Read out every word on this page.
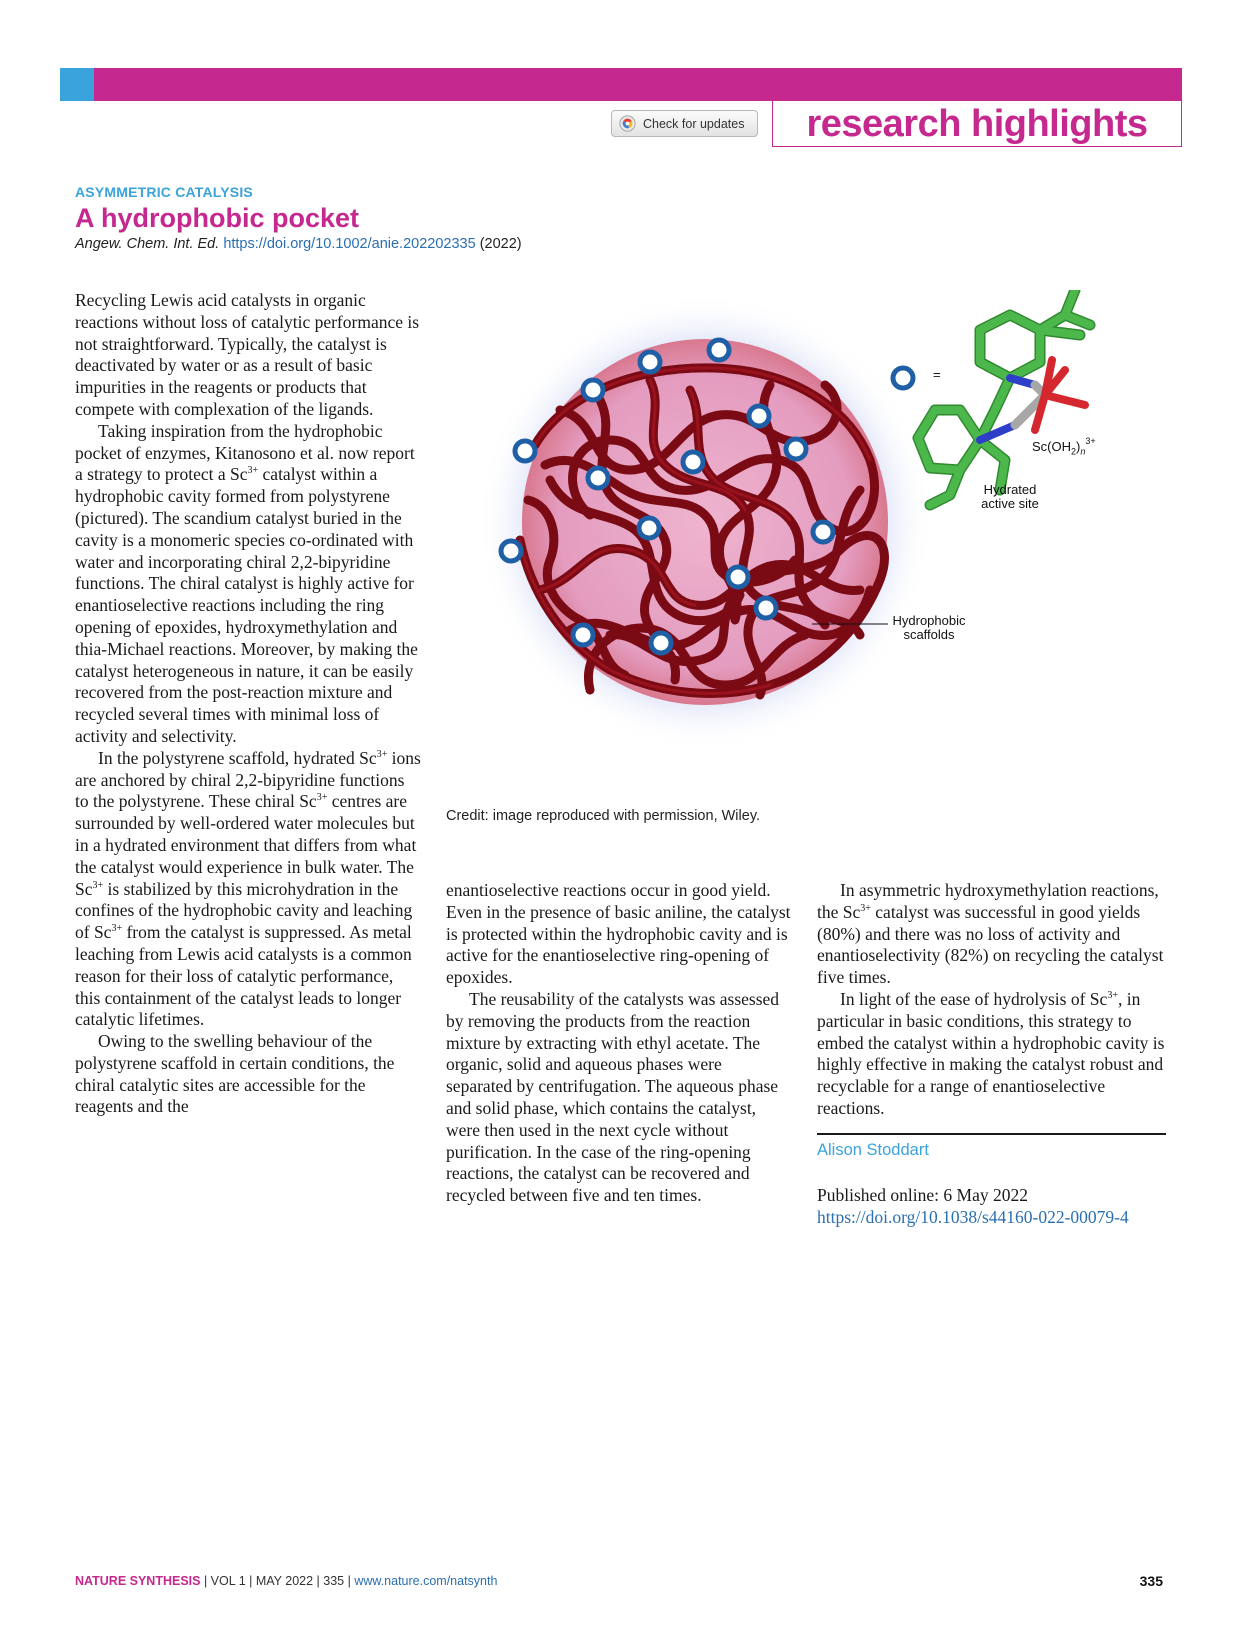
research highlights
Check for updates
ASYMMETRIC CATALYSIS
A hydrophobic pocket
Angew. Chem. Int. Ed. https://doi.org/10.1002/anie.202202335 (2022)

Recycling Lewis acid catalysts in organic reactions without loss of catalytic performance is not straightforward. Typically, the catalyst is deactivated by water or as a result of basic impurities in the reagents or products that compete with complexation of the ligands.

Taking inspiration from the hydrophobic pocket of enzymes, Kitanosono et al. now report a strategy to protect a $Sc^{3+}$ catalyst within a hydrophobic cavity formed from polystyrene (pictured). The scandium catalyst buried in the cavity is a monomeric species co-ordinated with water and incorporating chiral 2,2-bipyridine functions. The chiral catalyst is highly active for enantioselective reactions including the ring opening of epoxides, hydroxymethylation and thia-Michael reactions. Moreover, by making the catalyst heterogeneous in nature, it can be easily recovered from the post-reaction mixture and recycled several times with minimal loss of activity and selectivity.

In the polystyrene scaffold, hydrated $Sc^{3+}$ ions are anchored by chiral 2,2-bipyridine functions to the polystyrene. These chiral $Sc^{3+}$ centres are surrounded by well-ordered water molecules but in a hydrated environment that differs from what the catalyst would experience in bulk water. The $Sc^{3+}$ is stabilized by this microhydration in the confines of the hydrophobic cavity and leaching of $Sc^{3+}$ from the catalyst is suppressed. As metal leaching from Lewis acid catalysts is a common reason for their loss of catalytic performance, this containment of the catalyst leads to longer catalytic lifetimes.

Owing to the swelling behaviour of the polystyrene scaffold in certain conditions, the chiral catalytic sites are accessible for the reagents and the

=
$Sc(OH_2)_n^{3+}$
Hydrated
active site
Hydrophobic
scaffolds
Credit: image reproduced with permission, Wiley.

enantioselective reactions occur in good yield. Even in the presence of basic aniline, the catalyst is protected within the hydrophobic cavity and is active for the enantioselective ring-opening of epoxides.

The reusability of the catalysts was assessed by removing the products from the reaction mixture by extracting with ethyl acetate. The organic, solid and aqueous phases were separated by centrifugation. The aqueous phase and solid phase, which contains the catalyst, were then used in the next cycle without purification. In the case of the ring-opening reactions, the catalyst can be recovered and recycled between five and ten times.

In asymmetric hydroxymethylation reactions, the $Sc^{3+}$ catalyst was successful in good yields (80%) and there was no loss of activity and enantioselectivity (82%) on recycling the catalyst five times.

In light of the ease of hydrolysis of $Sc^{3+}$, in particular in basic conditions, this strategy to embed the catalyst within a hydrophobic cavity is highly effective in making the catalyst robust and recyclable for a range of enantioselective reactions.

Alison Stoddart
Published online: 6 May 2022
https://doi.org/10.1038/s44160-022-00079-4
NATURE SYNTHESIS | VOL 1 | MAY 2022 | 335 | www.nature.com/natsynth	335
